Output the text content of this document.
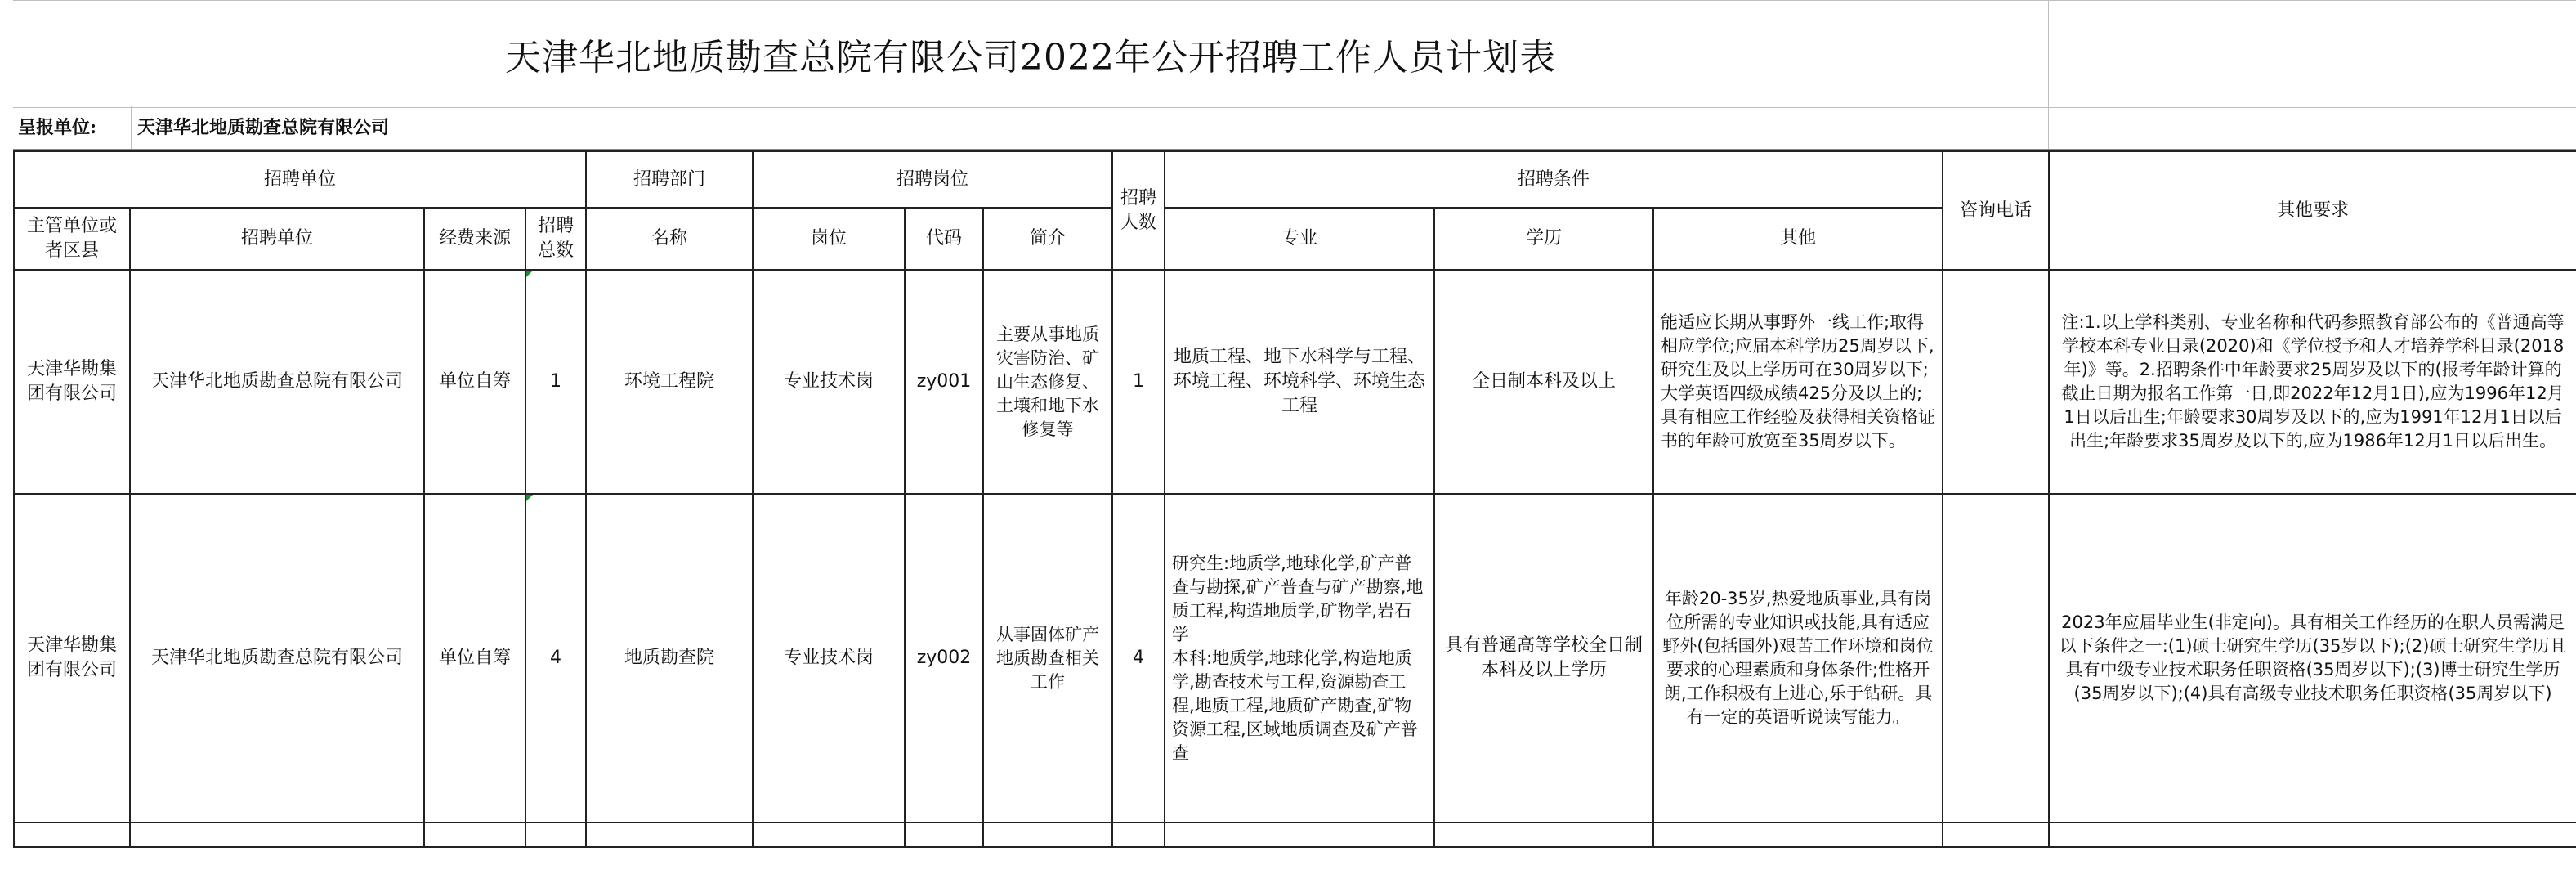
天津华北地质勘查总院有限公司2022年公开招聘工作人员计划表
呈报单位: 天津华北地质勘查总院有限公司
招聘单位				招聘部门	招聘岗位			招聘人数	招聘条件			咨询电话	其他要求
主管单位或者区县	招聘单位	经费来源	招聘总数	名称	岗位	代码	简介		专业	学历	其他		
天津华勘集团有限公司	天津华北地质勘查总院有限公司	单位自筹	1	环境工程院	专业技术岗	zy001	主要从事地质灾害防治、矿山生态修复、土壤和地下水修复等	1	地质工程、地下水科学与工程、环境工程、环境科学、环境生态工程	全日制本科及以上	能适应长期从事野外一线工作;取得相应学位;应届本科学历25周岁以下,研究生及以上学历可在30周岁以下;大学英语四级成绩425分及以上的;具有相应工作经验及获得相关资格证书的年龄可放宽至35周岁以下。		注:1.以上学科类别、专业名称和代码参照教育部公布的《普通高等学校本科专业目录(2020)和《学位授予和人才培养学科目录(2018年)》等。2.招聘条件中年龄要求25周岁及以下的(报考年龄计算的截止日期为报名工作第一日,即2022年12月1日),应为1996年12月1日以后出生;年龄要求30周岁及以下的,应为1991年12月1日以后出生;年龄要求35周岁及以下的,应为1986年12月1日以后出生。
天津华勘集团有限公司	天津华北地质勘查总院有限公司	单位自筹	4	地质勘查院	专业技术岗	zy002	从事固体矿产地质勘查相关工作	4	研究生:地质学,地球化学,矿产普查与勘探,矿产普查与矿产勘察,地质工程,构造地质学,矿物学,岩石学
本科:地质学,地球化学,构造地质学,勘查技术与工程,资源勘查工程,地质工程,地质矿产勘查,矿物资源工程,区域地质调查及矿产普查	具有普通高等学校全日制本科及以上学历	年龄20-35岁,热爱地质事业,具有岗位所需的专业知识或技能,具有适应野外(包括国外)艰苦工作环境和岗位要求的心理素质和身体条件;性格开朗,工作积极有上进心,乐于钻研。具有一定的英语听说读写能力。		2023年应届毕业生(非定向)。具有相关工作经历的在职人员需满足以下条件之一:(1)硕士研究生学历(35岁以下);(2)硕士研究生学历且具有中级专业技术职务任职资格(35周岁以下);(3)博士研究生学历(35周岁以下);(4)具有高级专业技术职务任职资格(35周岁以下)
